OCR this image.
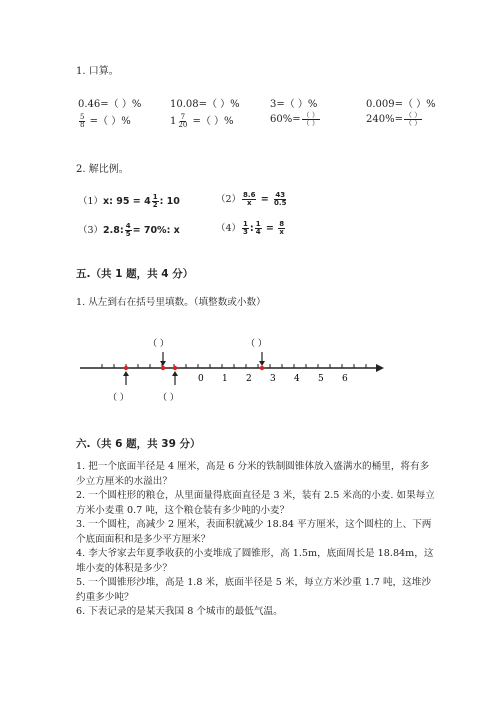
1. 口算。
0.46=（ ）%	10.08=（ ）%	3=（ ）%	0.009=（ ）%
$\frac{5}{8}$ =（ ）%	$1 \frac{7}{20}$ =（ ）%	$60\%= \frac{( )}{( )}$	$240\%= \frac{( )}{( )}$
2. 解比例。
（1）x: $95 = 4 \frac{1}{2}$ : 10	$(2) \frac{8.6}{x} = \frac{43}{0.5}$
（3）2.8: $\frac{4}{5} = 70\%$: x	$(4) \frac{1}{3}$ : $\frac{1}{4} = \frac{8}{x}$
五.（共 1 题，共 4 分）
1. 从左到右在括号里填数。（填整数或小数）
（ ）	（ ）
（ ）	（ ）
0 1 2 3 4 5 6
六.（共 6 题，共 39 分）
1. 把一个底面半径是 4 厘米，高是 6 分米的铁制圆锥体放入盛满水的桶里，将有多少立方厘米的水溢出？
2. 一个圆柱形的粮仓，从里面量得底面直径是 3 米，装有 2.5 米高的小麦. 如果每立方米小麦重 0.7 吨，这个粮仓装有多少吨的小麦？
3. 一个圆柱，高减少 2 厘米，表面积就减少 18.84 平方厘米，这个圆柱的上、下两个底面面积和是多少平方厘米？
4. 李大爷家去年夏季收获的小麦堆成了圆锥形，高 1.5m，底面周长是 18.84m，这堆小麦的体积是多少？
5. 一个圆锥形沙堆，高是 1.8 米，底面半径是 5 米，每立方米沙重 1.7 吨，这堆沙约重多少吨？
6. 下表记录的是某天我国 8 个城市的最低气温。
